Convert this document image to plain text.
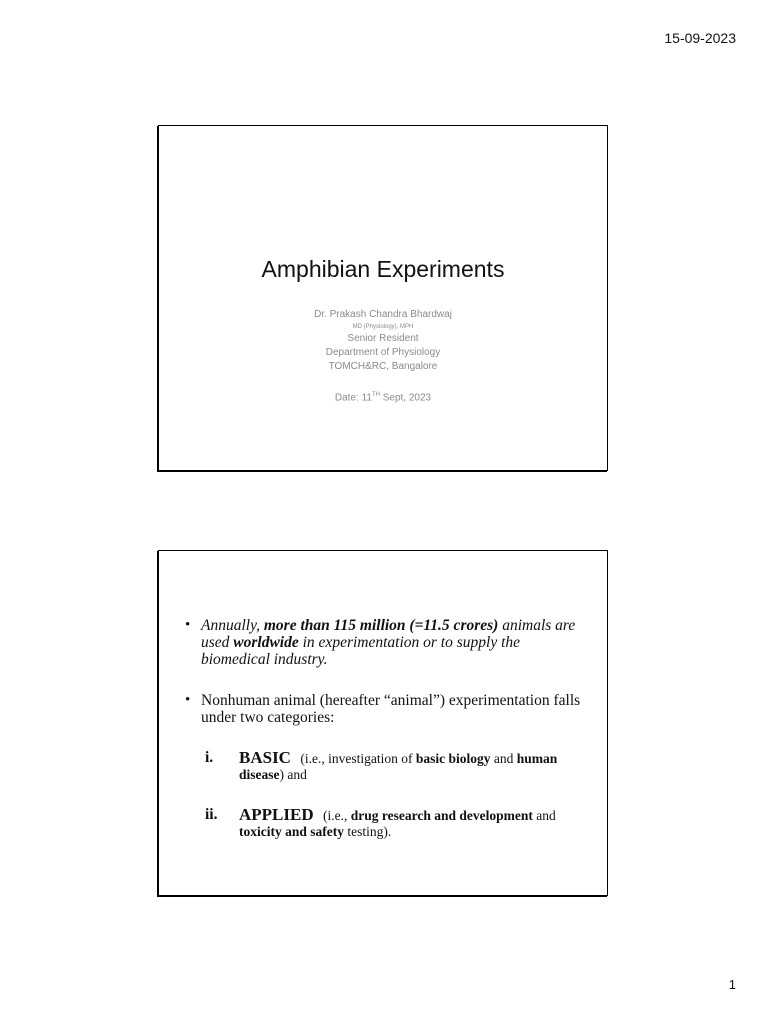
15-09-2023
Amphibian Experiments
Dr. Prakash Chandra Bhardwaj
MD (Physiology), MPH
Senior Resident
Department of Physiology
TOMCH&RC, Bangalore
Date: 11TH Sept, 2023
• Annually, more than 115 million (=11.5 crores) animals are used worldwide in experimentation or to supply the biomedical industry.
• Nonhuman animal (hereafter “animal”) experimentation falls under two categories:
i. BASIC (i.e., investigation of basic biology and human disease) and
ii. APPLIED (i.e., drug research and development and toxicity and safety testing).
1
